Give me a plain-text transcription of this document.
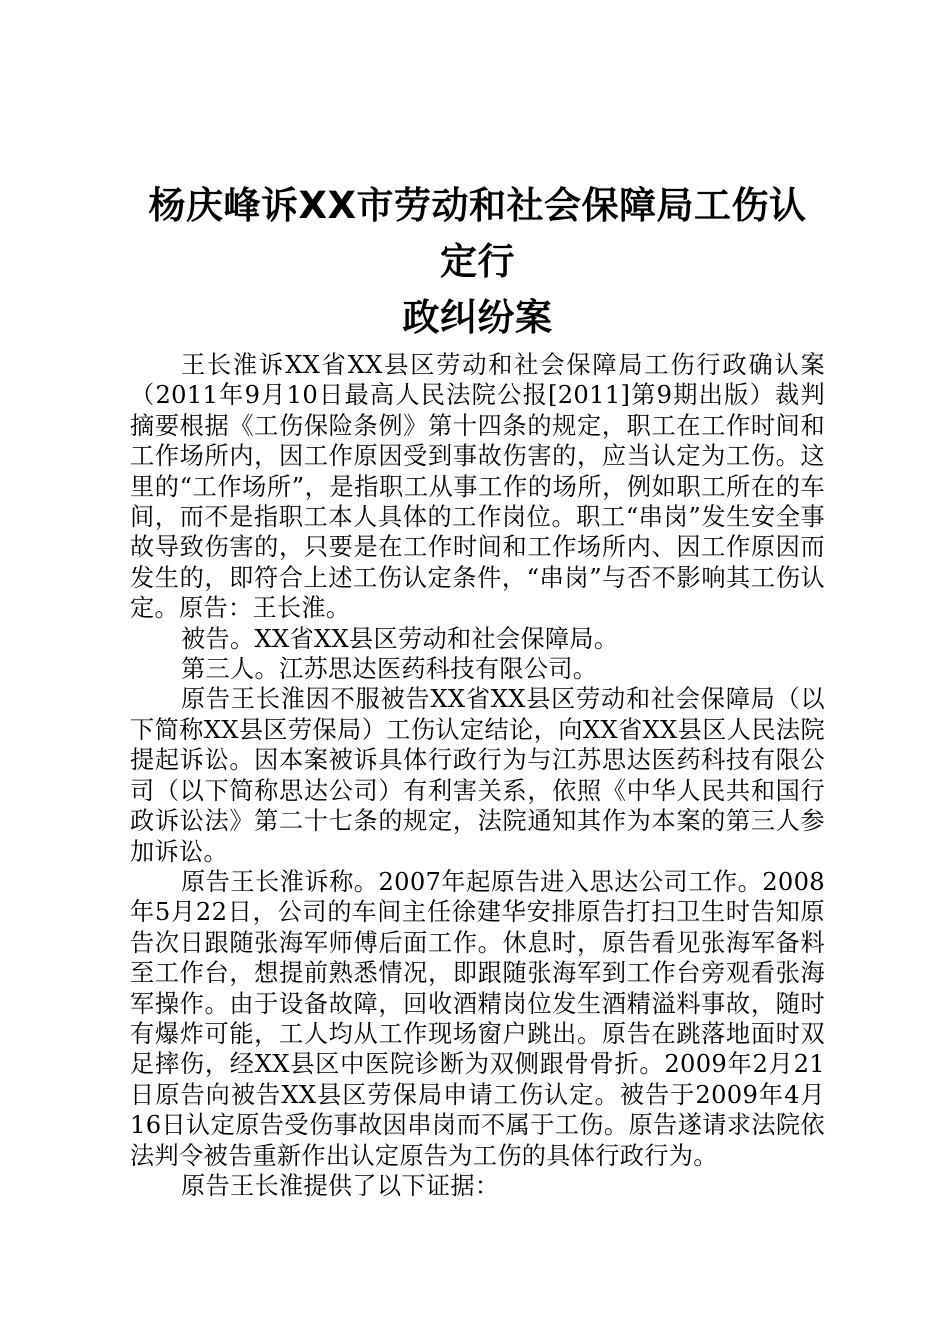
杨庆峰诉XX市劳动和社会保障局工伤认定行
政纠纷案

王长淮诉XX省XX县区劳动和社会保障局工伤行政确认案（2011年9月10日最高人民法院公报[2011]第9期出版）裁判摘要根据《工伤保险条例》第十四条的规定，职工在工作时间和工作场所内，因工作原因受到事故伤害的，应当认定为工伤。这里的“工作场所”，是指职工从事工作的场所，例如职工所在的车间，而不是指职工本人具体的工作岗位。职工“串岗”发生安全事故导致伤害的，只要是在工作时间和工作场所内、因工作原因而发生的，即符合上述工伤认定条件，“串岗”与否不影响其工伤认定。原告：王长淮。

被告。XX省XX县区劳动和社会保障局。

第三人。江苏思达医药科技有限公司。

原告王长淮因不服被告XX省XX县区劳动和社会保障局（以下简称XX县区劳保局）工伤认定结论，向XX省XX县区人民法院提起诉讼。因本案被诉具体行政行为与江苏思达医药科技有限公司（以下简称思达公司）有利害关系，依照《中华人民共和国行政诉讼法》第二十七条的规定，法院通知其作为本案的第三人参加诉讼。

原告王长淮诉称。2007年起原告进入思达公司工作。2008年5月22日，公司的车间主任徐建华安排原告打扫卫生时告知原告次日跟随张海军师傅后面工作。休息时，原告看见张海军备料至工作台，想提前熟悉情况，即跟随张海军到工作台旁观看张海军操作。由于设备故障，回收酒精岗位发生酒精溢料事故，随时有爆炸可能，工人均从工作现场窗户跳出。原告在跳落地面时双足摔伤，经XX县区中医院诊断为双侧跟骨骨折。2009年2月21日原告向被告XX县区劳保局申请工伤认定。被告于2009年4月16日认定原告受伤事故因串岗而不属于工伤。原告遂请求法院依法判令被告重新作出认定原告为工伤的具体行政行为。

原告王长淮提供了以下证据：
